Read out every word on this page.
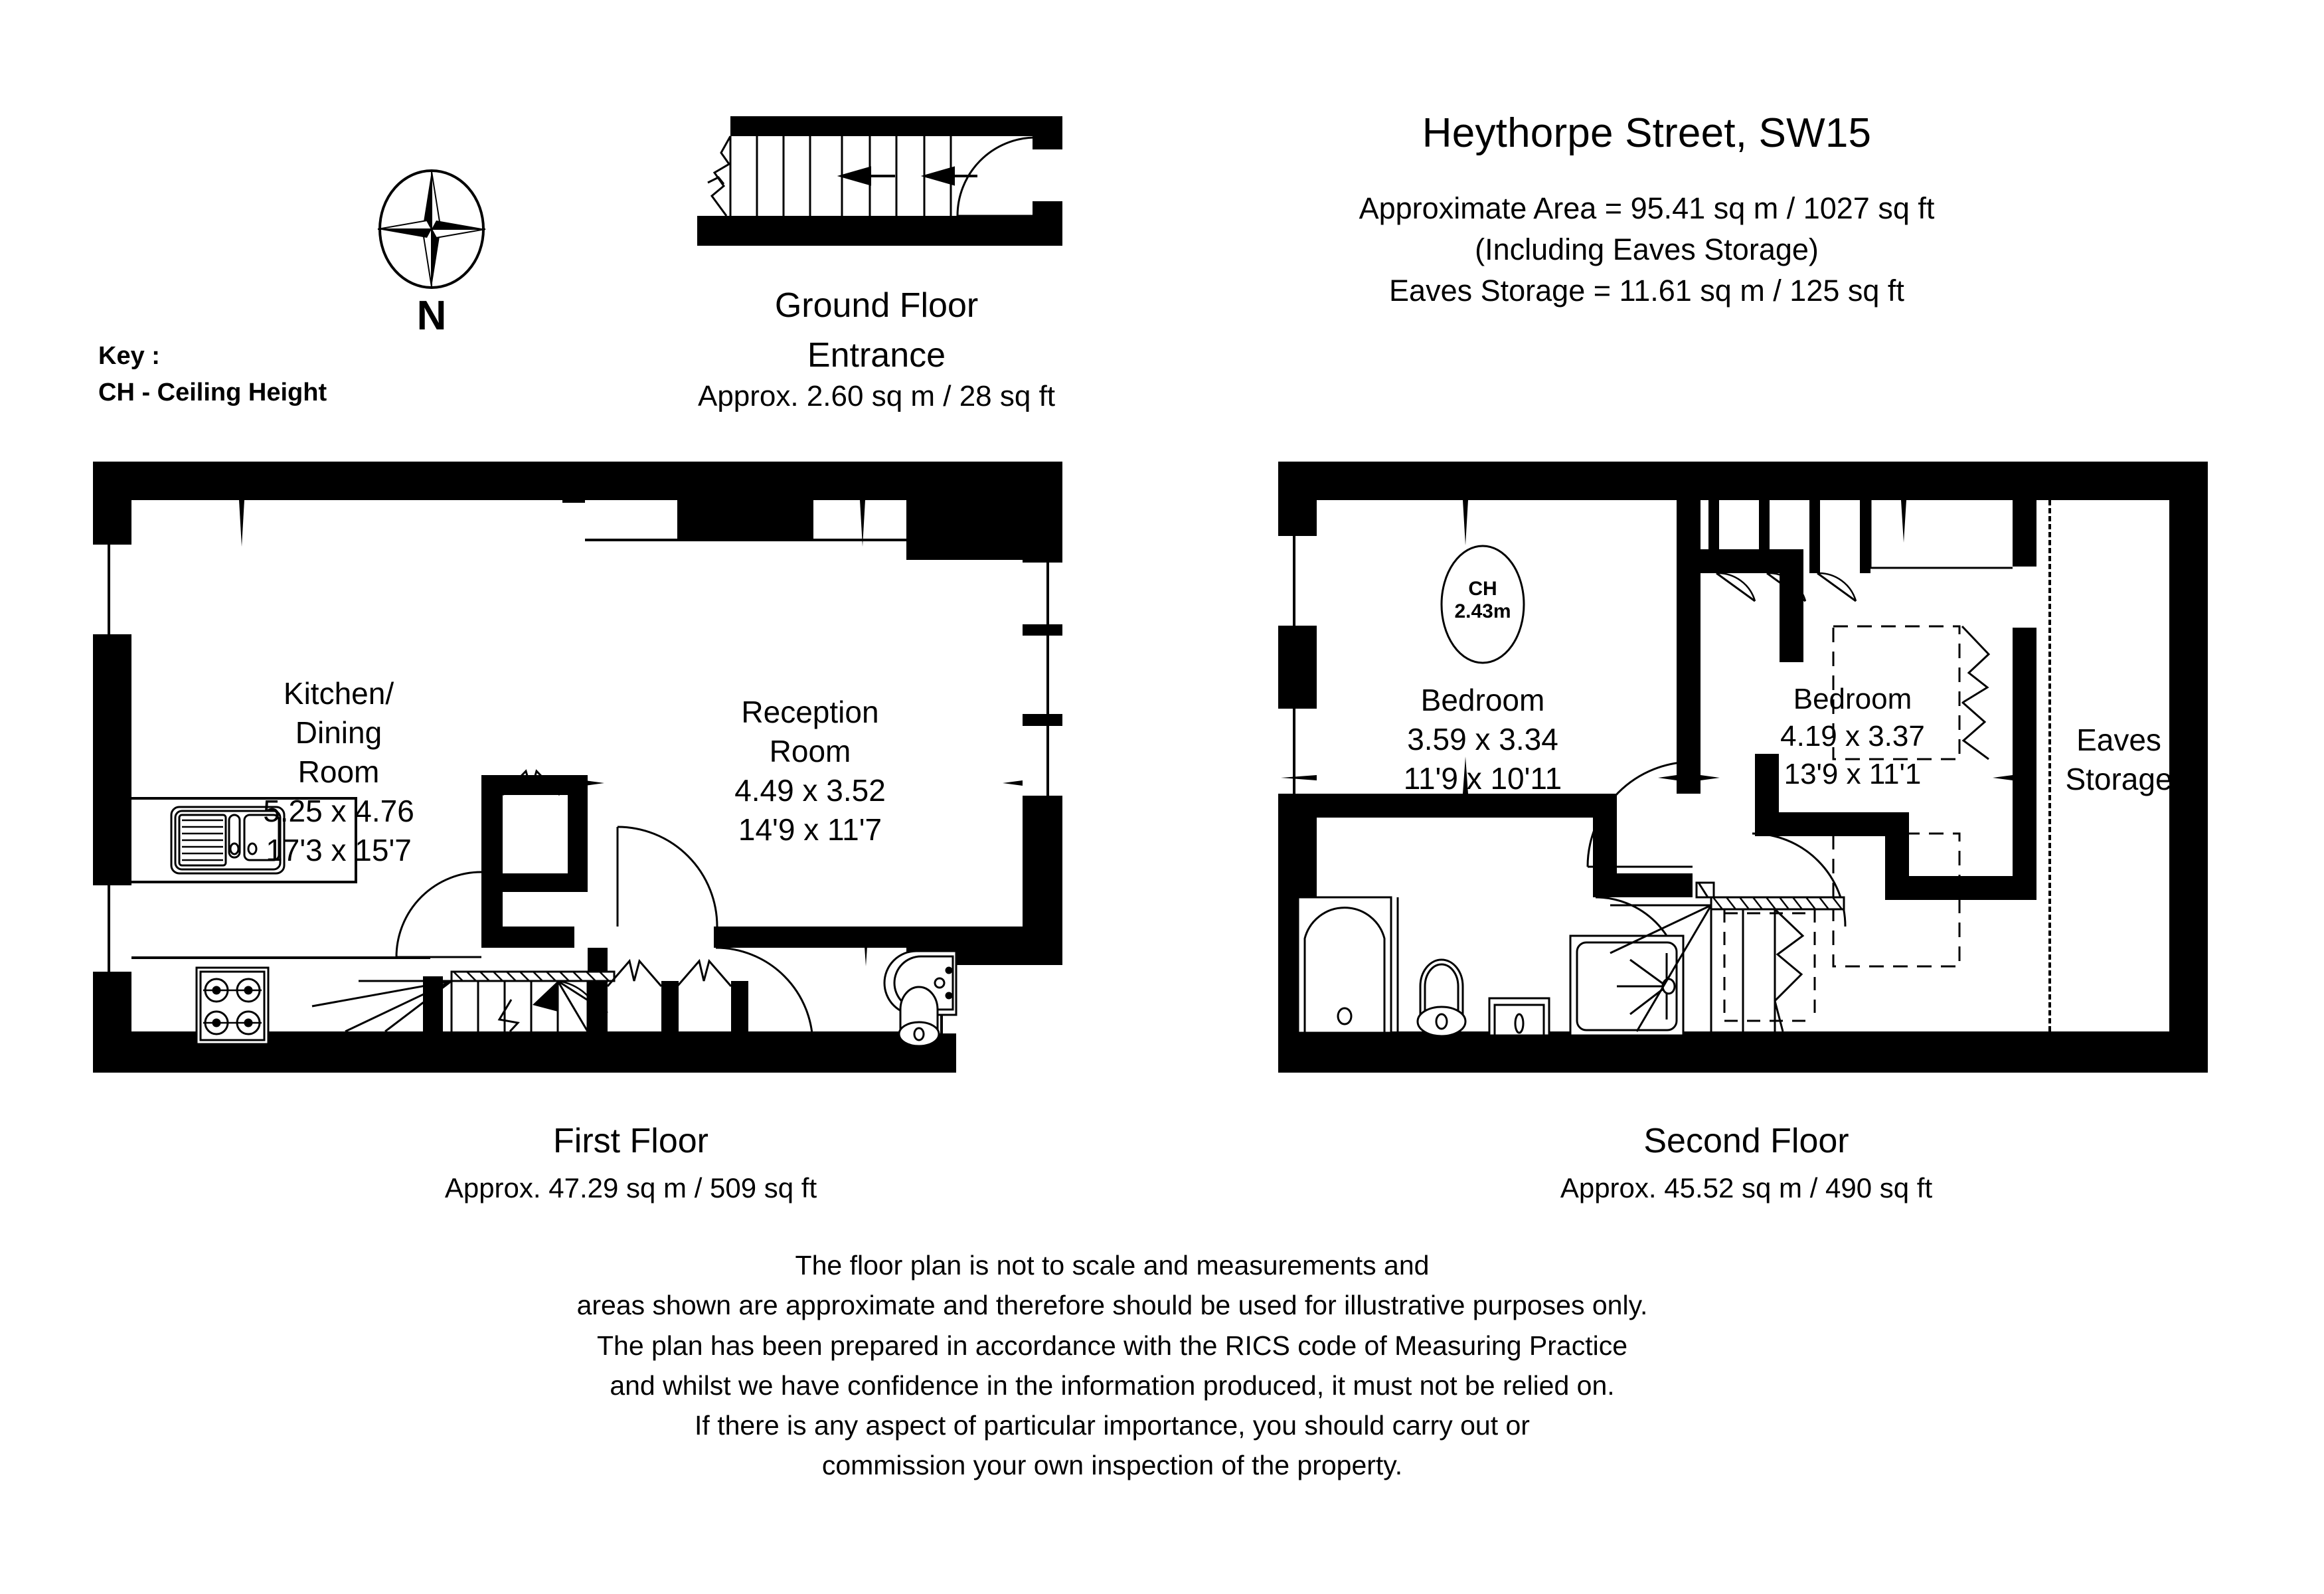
N
Key :
CH - Ceiling Height
Heythorpe Street, SW15
Approximate Area = 95.41 sq m / 1027 sq ft
(Including Eaves Storage)
Eaves Storage = 11.61 sq m / 125 sq ft
Ground Floor
Entrance
Approx. 2.60 sq m / 28 sq ft
Kitchen/
Dining
Room
5.25 x 4.76
17'3 x 15'7
Reception
Room
4.49 x 3.52
14'9 x 11'7
First Floor
Approx. 47.29 sq m / 509 sq ft
CH
2.43m
Bedroom
3.59 x 3.34
11'9 x 10'11
Bedroom
4.19 x 3.37
13'9 x 11'1
Eaves
Storage
Second Floor
Approx. 45.52 sq m / 490 sq ft
The floor plan is not to scale and measurements and
areas shown are approximate and therefore should be used for illustrative purposes only.
The plan has been prepared in accordance with the RICS code of Measuring Practice
and whilst we have confidence in the information produced, it must not be relied on.
If there is any aspect of particular importance, you should carry out or
commission your own inspection of the property.
